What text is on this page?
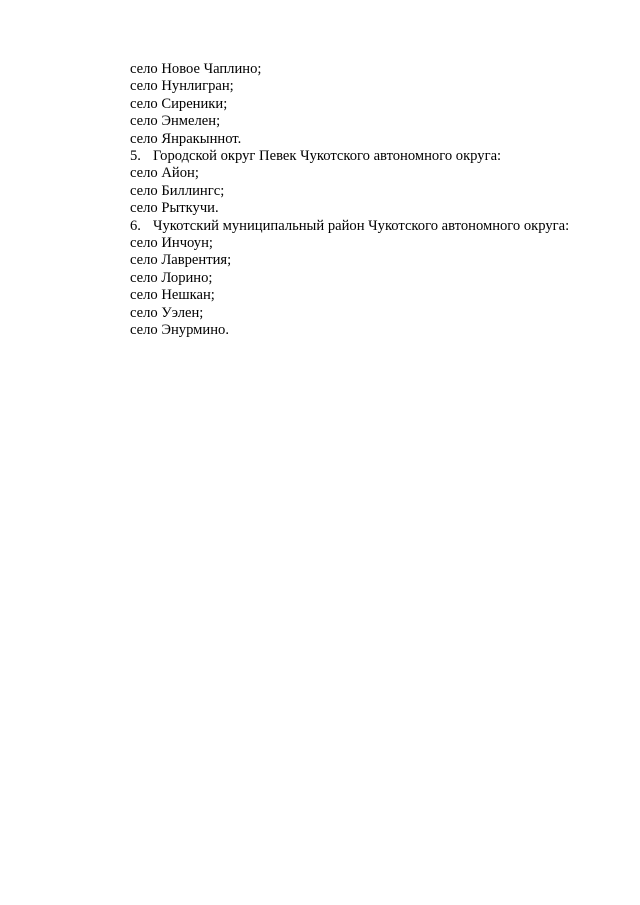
село Новое Чаплино;
село Нунлигран;
село Сиреники;
село Энмелен;
село Янракыннот.
5. Городской округ Певек Чукотского автономного округа:
село Айон;
село Биллингс;
село Рыткучи.
6. Чукотский муниципальный район Чукотского автономного округа:
село Инчоун;
село Лаврентия;
село Лорино;
село Нешкан;
село Уэлен;
село Энурмино.
